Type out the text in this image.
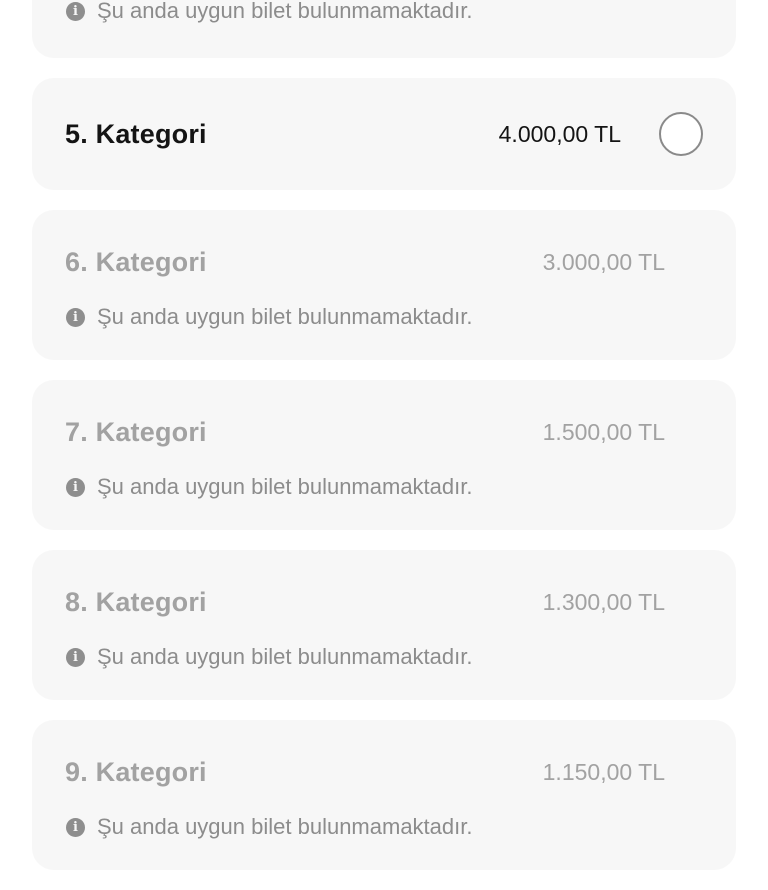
i Şu anda uygun bilet bulunmamaktadır.
5. Kategori	4.000,00 TL
6. Kategori	3.000,00 TL
i Şu anda uygun bilet bulunmamaktadır.
7. Kategori	1.500,00 TL
i Şu anda uygun bilet bulunmamaktadır.
8. Kategori	1.300,00 TL
i Şu anda uygun bilet bulunmamaktadır.
9. Kategori	1.150,00 TL
i Şu anda uygun bilet bulunmamaktadır.
